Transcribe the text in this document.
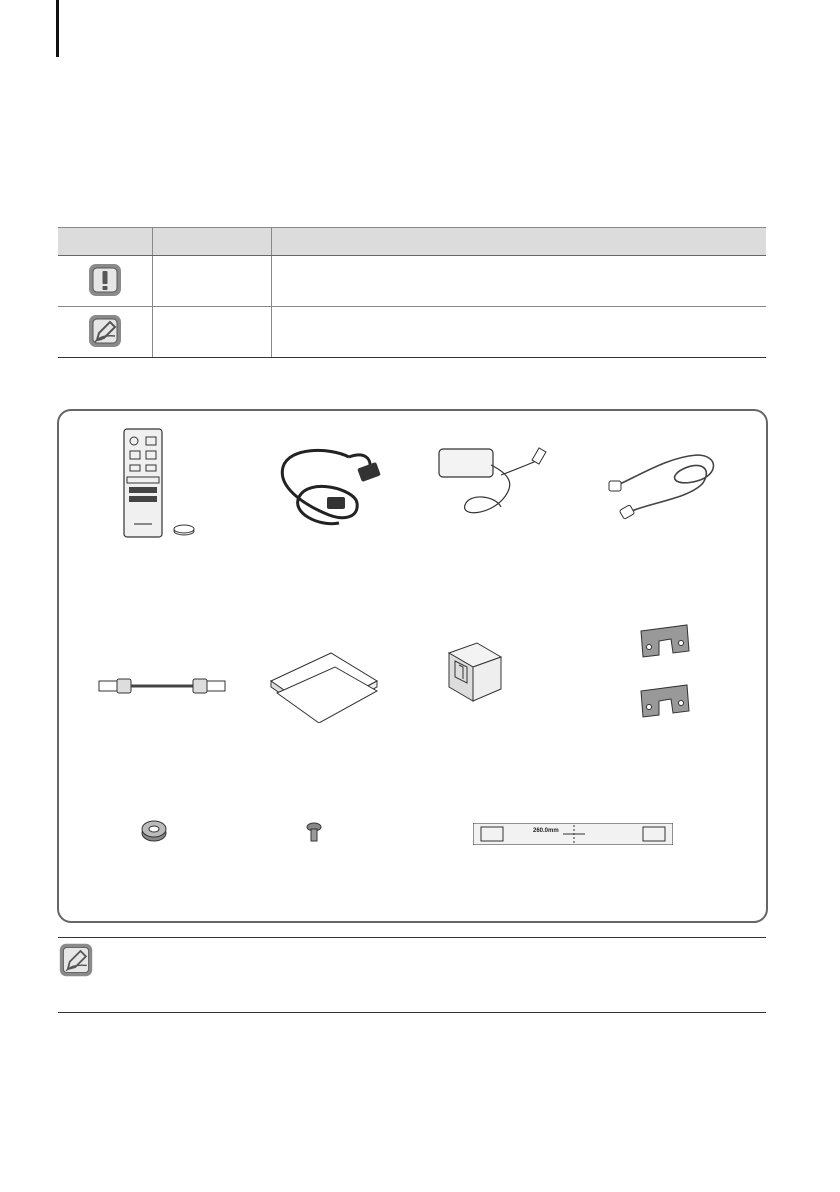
260.0mm
